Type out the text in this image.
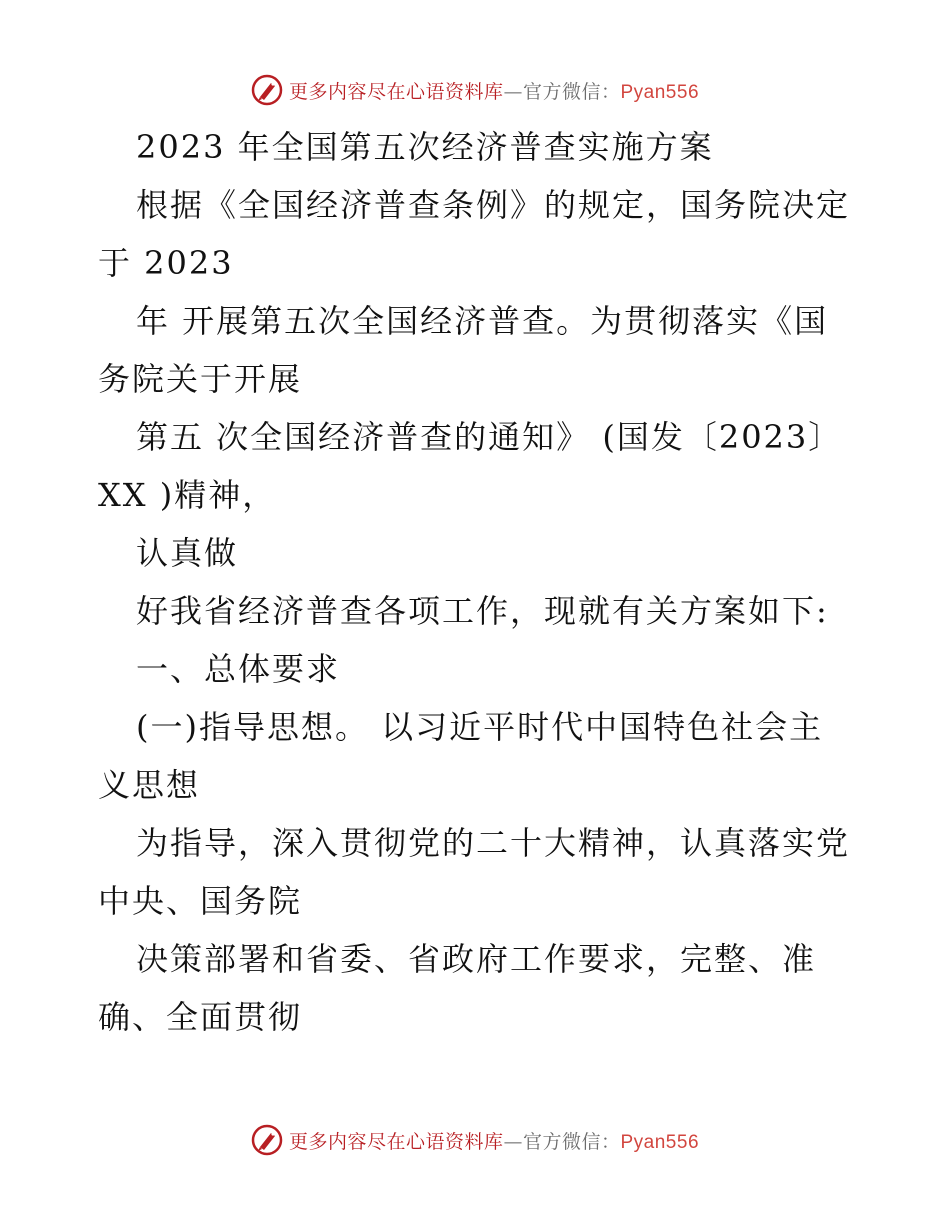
更多内容尽在心语资料库—官方微信：Pyan556
2023 年全国第五次经济普查实施方案
根据《全国经济普查条例》的规定，国务院决定
于 2023
年 开展第五次全国经济普查。为贯彻落实《国
务院关于开展
第五 次全国经济普查的通知》 (国发〔2023〕
XX )精神，
认真做
好我省经济普查各项工作，现就有关方案如下:
一、总体要求
(一)指导思想。 以习近平时代中国特色社会主
义思想
为指导，深入贯彻党的二十大精神，认真落实党
中央、国务院
决策部署和省委、省政府工作要求，完整、准
确、全面贯彻
更多内容尽在心语资料库—官方微信：Pyan556
